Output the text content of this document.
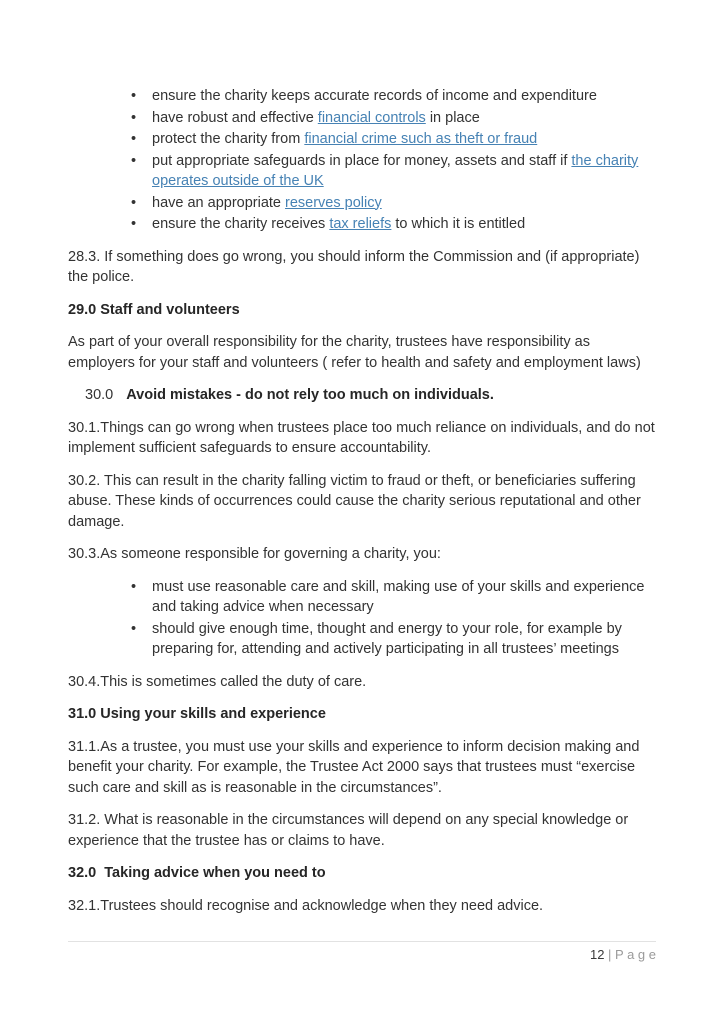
• ensure the charity keeps accurate records of income and expenditure
• have robust and effective financial controls in place
• protect the charity from financial crime such as theft or fraud
• put appropriate safeguards in place for money, assets and staff if the charity operates outside of the UK
• have an appropriate reserves policy
• ensure the charity receives tax reliefs to which it is entitled

28.3. If something does go wrong, you should inform the Commission and (if appropriate) the police.

29.0 Staff and volunteers

As part of your overall responsibility for the charity, trustees have responsibility as employers for your staff and volunteers ( refer to health and safety and employment laws)

30.0 Avoid mistakes - do not rely too much on individuals.

30.1.Things can go wrong when trustees place too much reliance on individuals, and do not implement sufficient safeguards to ensure accountability.

30.2. This can result in the charity falling victim to fraud or theft, or beneficiaries suffering abuse. These kinds of occurrences could cause the charity serious reputational and other damage.

30.3.As someone responsible for governing a charity, you:

• must use reasonable care and skill, making use of your skills and experience and taking advice when necessary
• should give enough time, thought and energy to your role, for example by preparing for, attending and actively participating in all trustees’ meetings

30.4.This is sometimes called the duty of care.

31.0 Using your skills and experience

31.1.As a trustee, you must use your skills and experience to inform decision making and benefit your charity. For example, the Trustee Act 2000 says that trustees must “exercise such care and skill as is reasonable in the circumstances”.

31.2. What is reasonable in the circumstances will depend on any special knowledge or experience that the trustee has or claims to have.

32.0  Taking advice when you need to

32.1.Trustees should recognise and acknowledge when they need advice.

12 | P a g e
